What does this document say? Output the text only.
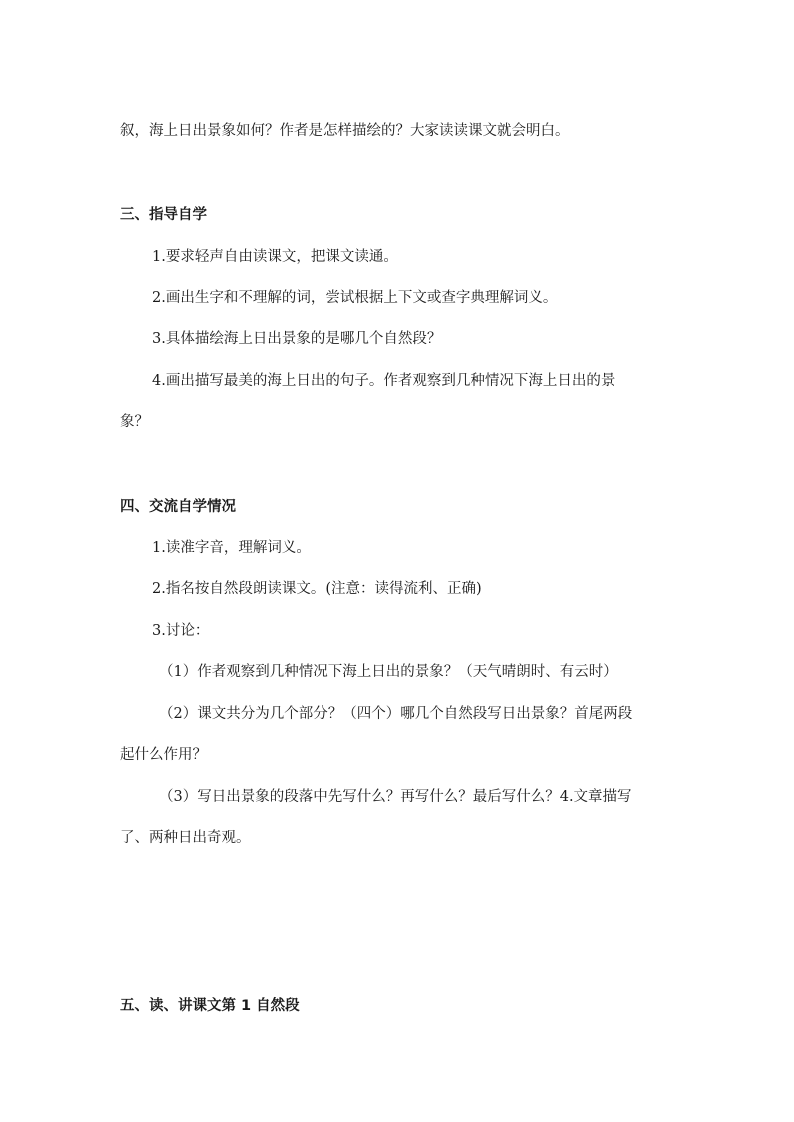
叙，海上日出景象如何？作者是怎样描绘的？大家读读课文就会明白。

三、指导自学

1.要求轻声自由读课文，把课文读通。

2.画出生字和不理解的词，尝试根据上下文或查字典理解词义。

3.具体描绘海上日出景象的是哪几个自然段？

4.画出描写最美的海上日出的句子。作者观察到几种情况下海上日出的景

象？

四、交流自学情况

1.读准字音，理解词义。

2.指名按自然段朗读课文。(注意：读得流利、正确)

3.讨论：

（1）作者观察到几种情况下海上日出的景象？（天气晴朗时、有云时）

（2）课文共分为几个部分？（四个）哪几个自然段写日出景象？首尾两段

起什么作用？

（3）写日出景象的段落中先写什么？再写什么？最后写什么？4.文章描写

了、两种日出奇观。

五、读、讲课文第 1 自然段
